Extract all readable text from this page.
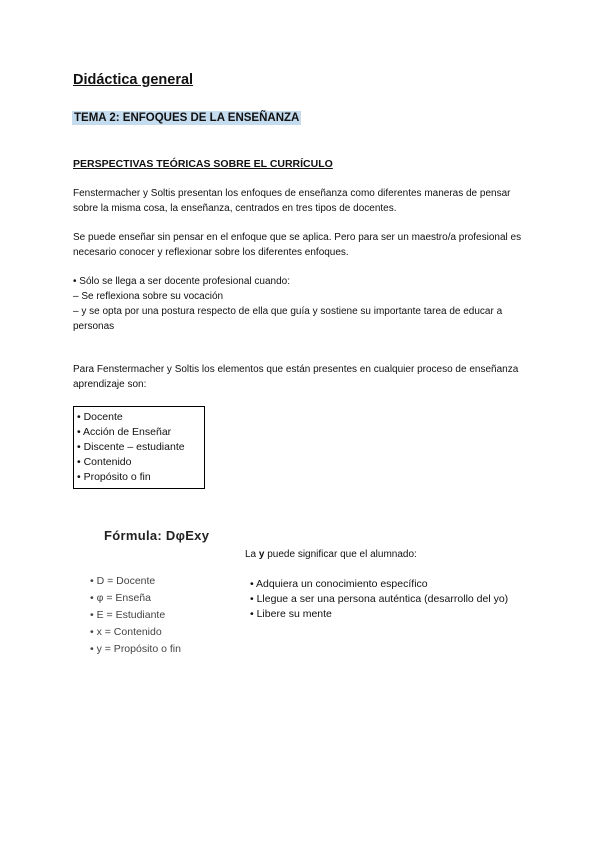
Didáctica general
TEMA 2: ENFOQUES DE LA ENSEÑANZA
PERSPECTIVAS TEÓRICAS SOBRE EL CURRÍCULO

Fenstermacher y Soltis presentan los enfoques de enseñanza como diferentes maneras de pensar sobre la misma cosa, la enseñanza, centrados en tres tipos de docentes.

Se puede enseñar sin pensar en el enfoque que se aplica. Pero para ser un maestro/a profesional es necesario conocer y reflexionar sobre los diferentes enfoques.

• Sólo se llega a ser docente profesional cuando:

– Se reflexiona sobre su vocación

– y se opta por una postura respecto de ella que guía y sostiene su importante tarea de educar a personas

Para Fenstermacher y Soltis los elementos que están presentes en cualquier proceso de enseñanza aprendizaje son:

• Docente
• Acción de Enseñar
• Discente – estudiante
• Contenido
• Propósito o fin
Fórmula: DφExy
• D = Docente
• φ = Enseña
• E = Estudiante
• x = Contenido
• y = Propósito o fin
La y puede significar que el alumnado:
• Adquiera un conocimiento específico
• Llegue a ser una persona auténtica (desarrollo del yo)
• Libere su mente
